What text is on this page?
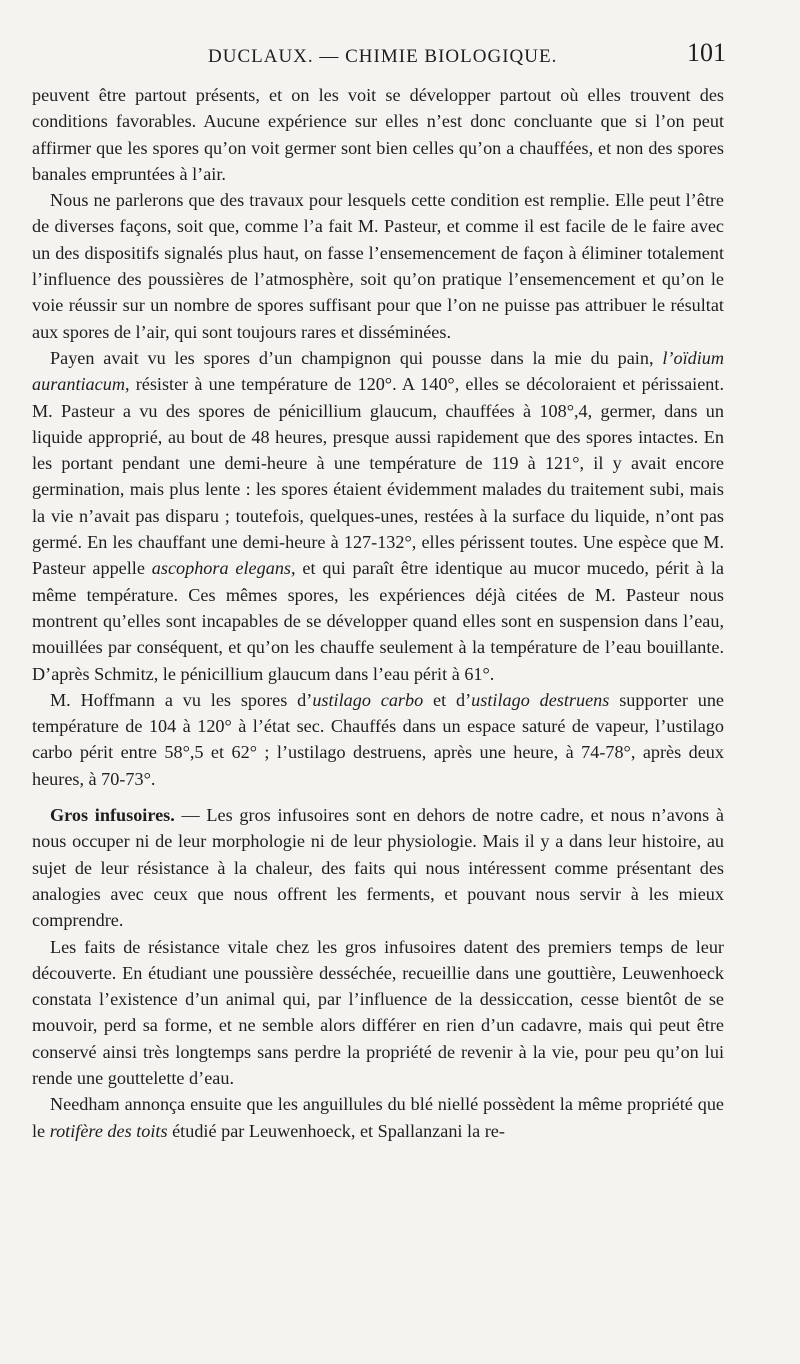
DUCLAUX. — CHIMIE BIOLOGIQUE.	101

peuvent être partout présents, et on les voit se développer partout où elles trouvent des conditions favorables. Aucune expérience sur elles n’est donc concluante que si l’on peut affirmer que les spores qu’on voit germer sont bien celles qu’on a chauffées, et non des spores banales empruntées à l’air.

Nous ne parlerons que des travaux pour lesquels cette condition est remplie. Elle peut l’être de diverses façons, soit que, comme l’a fait M. Pasteur, et comme il est facile de le faire avec un des dispositifs signalés plus haut, on fasse l’ensemencement de façon à éliminer totalement l’influence des poussières de l’atmosphère, soit qu’on pratique l’ensemencement et qu’on le voie réussir sur un nombre de spores suffisant pour que l’on ne puisse pas attribuer le résultat aux spores de l’air, qui sont toujours rares et disséminées.

Payen avait vu les spores d’un champignon qui pousse dans la mie du pain, l’oïdium aurantiacum, résister à une température de 120°. A 140°, elles se décoloraient et périssaient. M. Pasteur a vu des spores de pénicillium glaucum, chauffées à 108°,4, germer, dans un liquide approprié, au bout de 48 heures, presque aussi rapidement que des spores intactes. En les portant pendant une demi-heure à une température de 119 à 121°, il y avait encore germination, mais plus lente : les spores étaient évidemment malades du traitement subi, mais la vie n’avait pas disparu ; toutefois, quelques-unes, restées à la surface du liquide, n’ont pas germé. En les chauffant une demi-heure à 127-132°, elles périssent toutes. Une espèce que M. Pasteur appelle ascophora elegans, et qui paraît être identique au mucor mucedo, périt à la même température. Ces mêmes spores, les expériences déjà citées de M. Pasteur nous montrent qu’elles sont incapables de se développer quand elles sont en suspension dans l’eau, mouillées par conséquent, et qu’on les chauffe seulement à la température de l’eau bouillante. D’après Schmitz, le pénicillium glaucum dans l’eau périt à 61°.

M. Hoffmann a vu les spores d’ustilago carbo et d’ustilago destruens supporter une température de 104 à 120° à l’état sec. Chauffés dans un espace saturé de vapeur, l’ustilago carbo périt entre 58°,5 et 62° ; l’ustilago destruens, après une heure, à 74-78°, après deux heures, à 70-73°.

Gros infusoires. — Les gros infusoires sont en dehors de notre cadre, et nous n’avons à nous occuper ni de leur morphologie ni de leur physiologie. Mais il y a dans leur histoire, au sujet de leur résistance à la chaleur, des faits qui nous intéressent comme présentant des analogies avec ceux que nous offrent les ferments, et pouvant nous servir à les mieux comprendre.

Les faits de résistance vitale chez les gros infusoires datent des premiers temps de leur découverte. En étudiant une poussière desséchée, recueillie dans une gouttière, Leuwenhoeck constata l’existence d’un animal qui, par l’influence de la dessiccation, cesse bientôt de se mouvoir, perd sa forme, et ne semble alors différer en rien d’un cadavre, mais qui peut être conservé ainsi très longtemps sans perdre la propriété de revenir à la vie, pour peu qu’on lui rende une gouttelette d’eau.

Needham annonça ensuite que les anguillules du blé niellé possèdent la même propriété que le rotifère des toits étudié par Leuwenhoeck, et Spallanzani la re-
